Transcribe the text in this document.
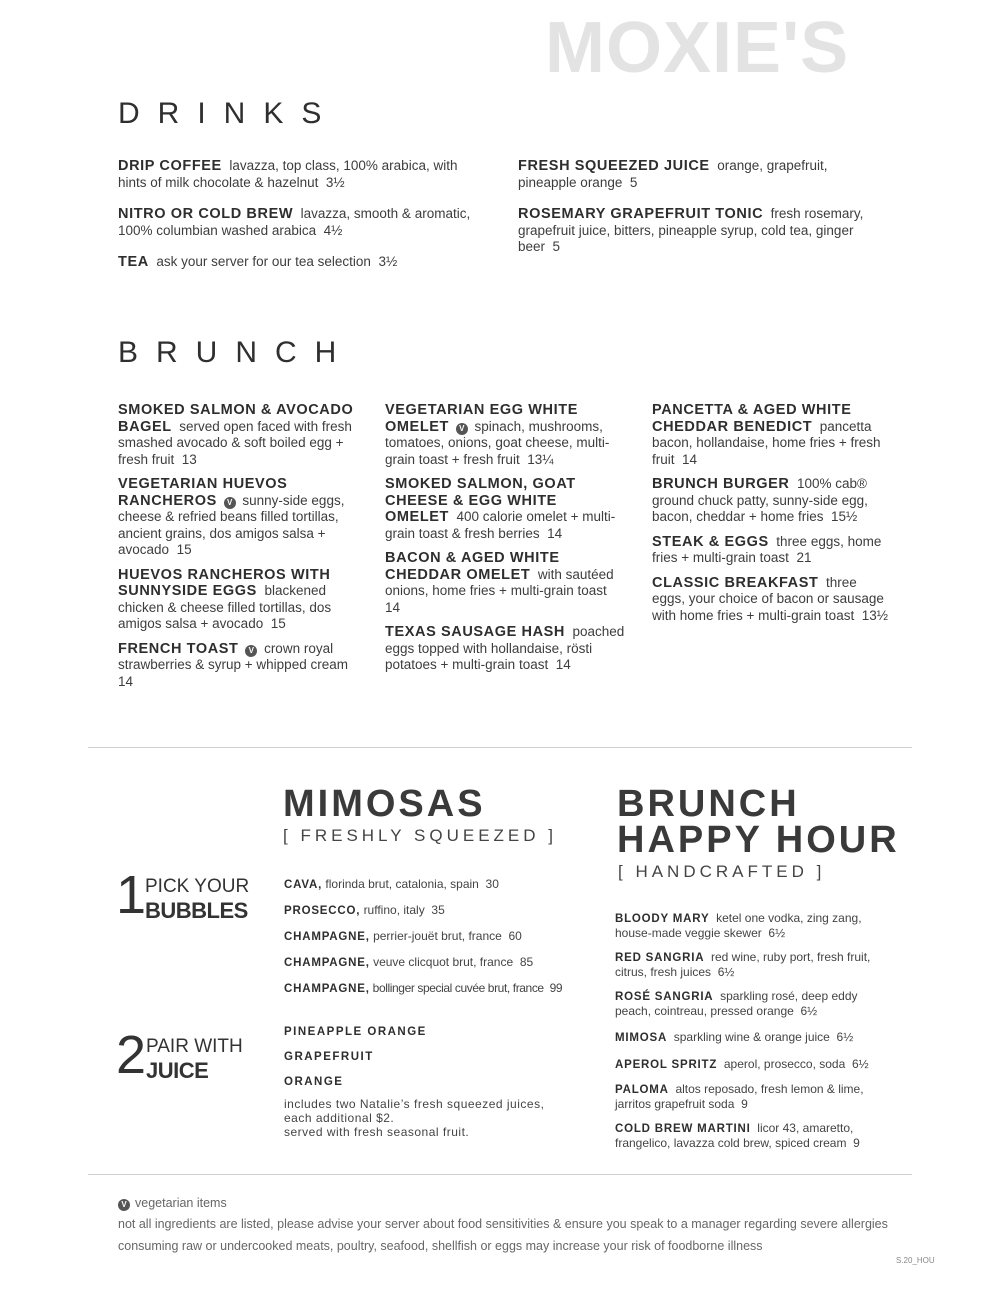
MOXIE'S
DRINKS
DRIP COFFEE lavazza, top class, 100% arabica, with hints of milk chocolate & hazelnut 3½
NITRO OR COLD BREW lavazza, smooth & aromatic, 100% columbian washed arabica 4½
TEA ask your server for our tea selection 3½
FRESH SQUEEZED JUICE orange, grapefruit, pineapple orange 5
ROSEMARY GRAPEFRUIT TONIC fresh rosemary, grapefruit juice, bitters, pineapple syrup, cold tea, ginger beer 5
BRUNCH
SMOKED SALMON & AVOCADO BAGEL served open faced with fresh smashed avocado & soft boiled egg + fresh fruit 13
VEGETARIAN HUEVOS RANCHEROS V sunny-side eggs, cheese & refried beans filled tortillas, ancient grains, dos amigos salsa + avocado 15
HUEVOS RANCHEROS WITH SUNNYSIDE EGGS blackened chicken & cheese filled tortillas, dos amigos salsa + avocado 15
FRENCH TOAST V crown royal strawberries & syrup + whipped cream  14
VEGETARIAN EGG WHITE OMELET V spinach, mushrooms, tomatoes, onions, goat cheese, multi-grain toast + fresh fruit 13¼
SMOKED SALMON, GOAT CHEESE & EGG WHITE OMELET 400 calorie omelet + multi-grain toast & fresh berries 14
BACON & AGED WHITE CHEDDAR OMELET with sautéed onions, home fries + multi-grain toast  14
TEXAS SAUSAGE HASH poached eggs topped with hollandaise, rösti potatoes + multi-grain toast 14
PANCETTA & AGED WHITE CHEDDAR BENEDICT pancetta bacon, hollandaise, home fries + fresh fruit 14
BRUNCH BURGER 100% cab® ground chuck patty, sunny-side egg, bacon, cheddar + home fries 15½
STEAK & EGGS three eggs, home fries + multi-grain toast 21
CLASSIC BREAKFAST three eggs, your choice of bacon or sausage with home fries + multi-grain toast 13½
MIMOSAS
[ FRESHLY SQUEEZED ]
1
PICK YOUR
BUBBLES
CAVA, florinda brut, catalonia, spain 30
PROSECCO, ruffino, italy 35
CHAMPAGNE, perrier-jouët brut, france 60
CHAMPAGNE, veuve clicquot brut, france 85
CHAMPAGNE, bollinger special cuvée brut, france 99
2 PAIR WITH
JUICE
PINEAPPLE ORANGE
GRAPEFRUIT
ORANGE
includes two Natalie’s fresh squeezed juices,
each additional $2.
served with fresh seasonal fruit.
BRUNCH
HAPPY HOUR
[ HANDCRAFTED ]
BLOODY MARY ketel one vodka, zing zang, house-made veggie skewer 6½
RED SANGRIA red wine, ruby port, fresh fruit, citrus, fresh juices 6½
ROSÉ SANGRIA sparkling rosé, deep eddy peach, cointreau, pressed orange 6½
MIMOSA sparkling wine & orange juice 6½
APEROL SPRITZ aperol, prosecco, soda 6½
PALOMA altos reposado, fresh lemon & lime, jarritos grapefruit soda 9
COLD BREW MARTINI licor 43, amaretto, frangelico, lavazza cold brew, spiced cream 9
V vegetarian items
not all ingredients are listed, please advise your server about food sensitivities & ensure you speak to a manager regarding severe allergies
consuming raw or undercooked meats, poultry, seafood, shellfish or eggs may increase your risk of foodborne illness
S.20_HOU
